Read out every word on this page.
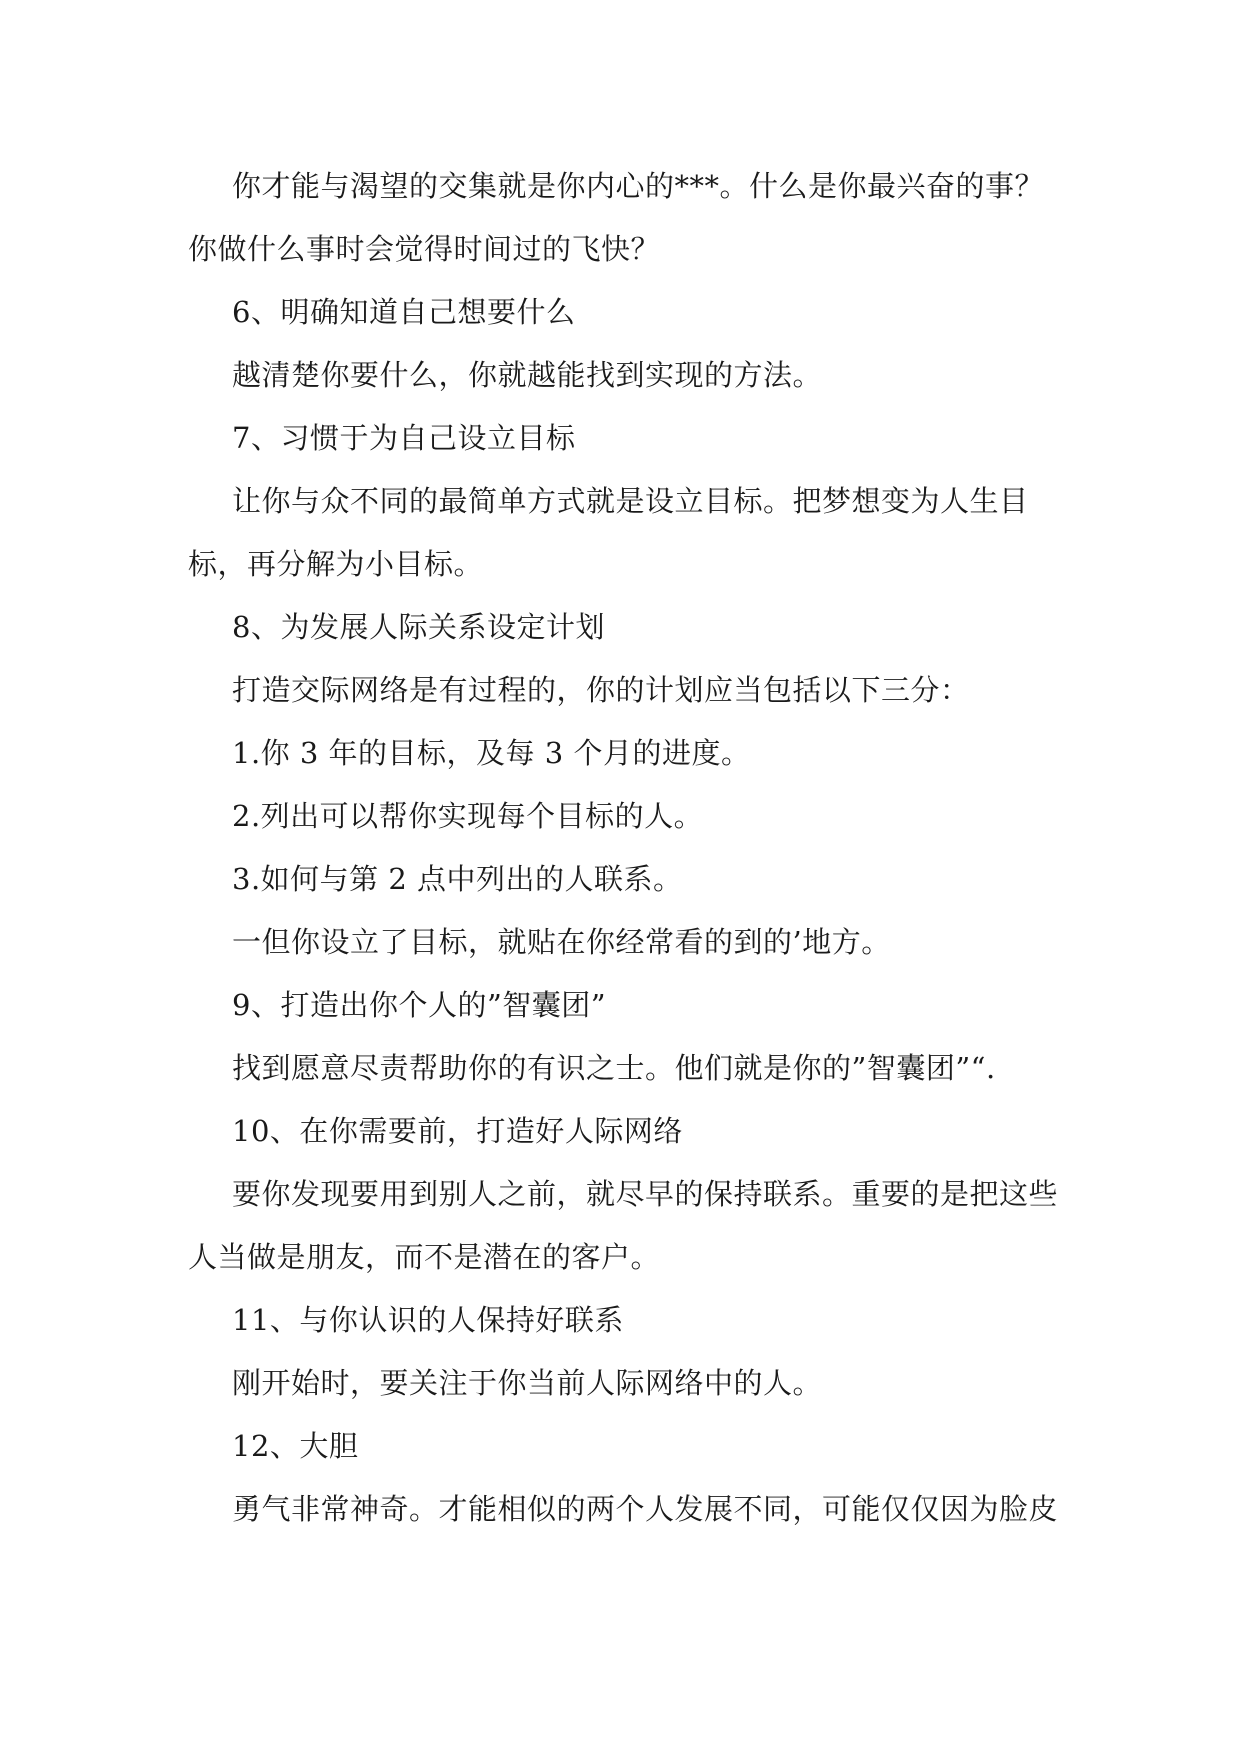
你才能与渴望的交集就是你内心的***。什么是你最兴奋的事？你做什么事时会觉得时间过的飞快？

6、明确知道自己想要什么

越清楚你要什么，你就越能找到实现的方法。

7、习惯于为自己设立目标

让你与众不同的最简单方式就是设立目标。把梦想变为人生目标，再分解为小目标。

8、为发展人际关系设定计划

打造交际网络是有过程的，你的计划应当包括以下三分：

1.你 3 年的目标，及每 3 个月的进度。

2.列出可以帮你实现每个目标的人。

3.如何与第 2 点中列出的人联系。

一但你设立了目标，就贴在你经常看的到的’地方。

9、打造出你个人的”智囊团”

找到愿意尽责帮助你的有识之士。他们就是你的”智囊团”“.

10、在你需要前，打造好人际网络

要你发现要用到别人之前，就尽早的保持联系。重要的是把这些人当做是朋友，而不是潜在的客户。

11、与你认识的人保持好联系

刚开始时，要关注于你当前人际网络中的人。

12、大胆

勇气非常神奇。才能相似的两个人发展不同，可能仅仅因为脸皮
